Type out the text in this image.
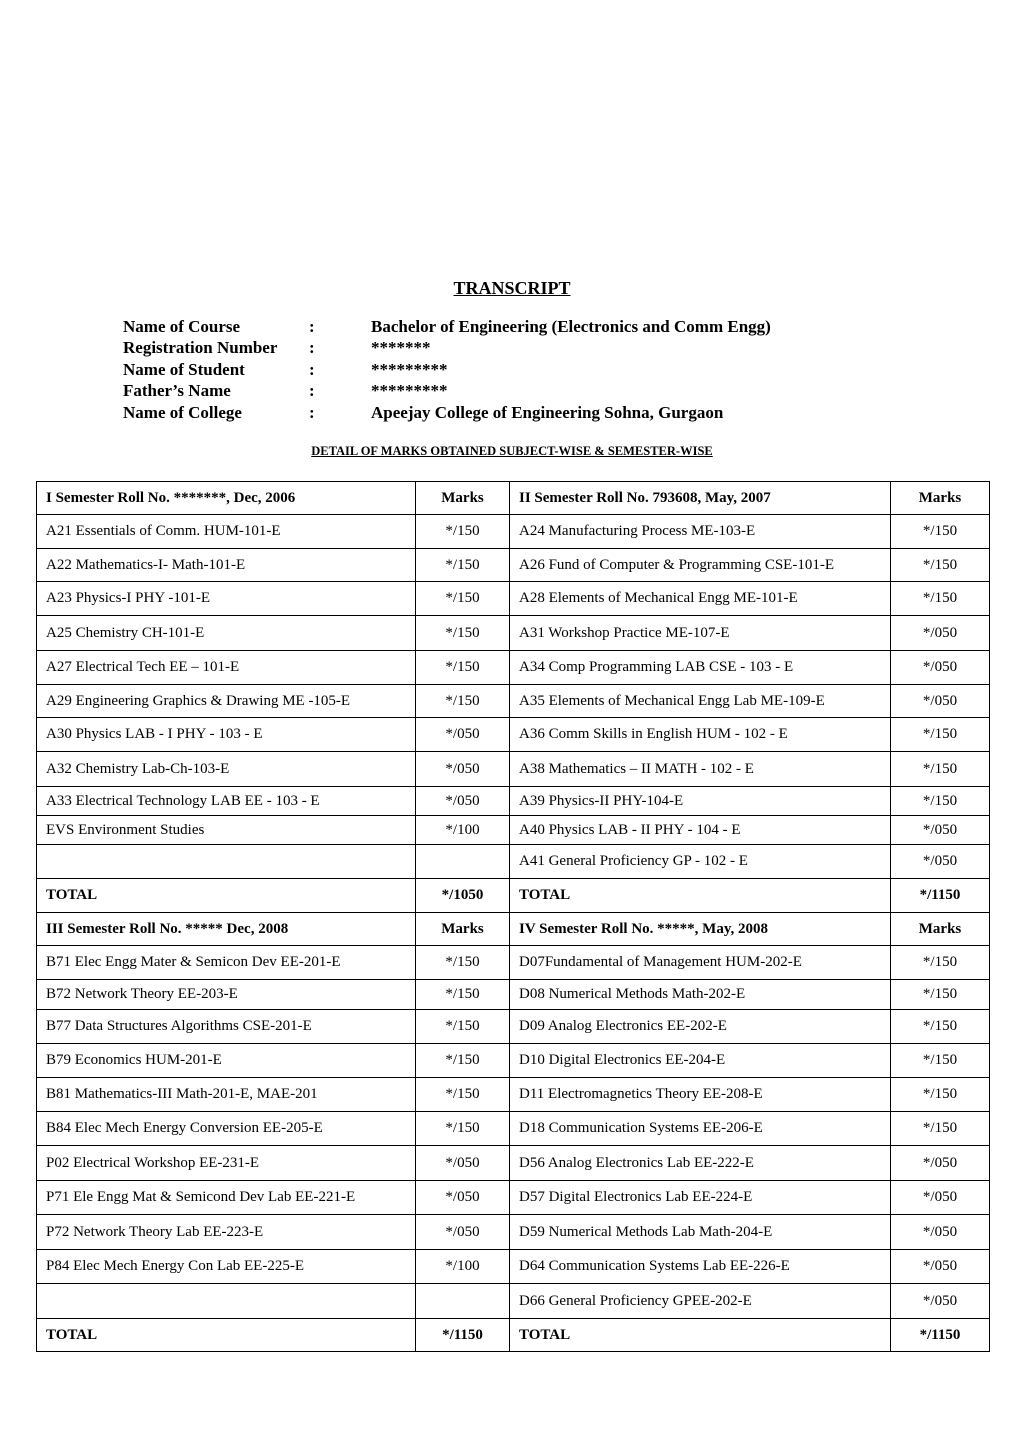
TRANSCRIPT
Name of Course	:	Bachelor of Engineering (Electronics and Comm Engg)
Registration Number	:	*******
Name of Student	:	*********
Father’s Name	:	*********
Name of College	:	Apeejay College of Engineering Sohna, Gurgaon
DETAIL OF MARKS OBTAINED SUBJECT-WISE & SEMESTER-WISE
I Semester Roll No. *******, Dec, 2006	Marks	II Semester Roll No. 793608, May, 2007	Marks
A21 Essentials of Comm. HUM-101-E	*/150	A24 Manufacturing Process ME-103-E	*/150
A22 Mathematics-I- Math-101-E	*/150	A26 Fund of Computer & Programming CSE-101-E	*/150
A23 Physics-I PHY -101-E	*/150	A28 Elements of Mechanical Engg ME-101-E	*/150
A25 Chemistry CH-101-E	*/150	A31 Workshop Practice ME-107-E	*/050
A27 Electrical Tech EE – 101-E	*/150	A34 Comp Programming LAB CSE - 103 - E	*/050
A29 Engineering Graphics & Drawing ME -105-E	*/150	A35 Elements of Mechanical Engg Lab ME-109-E	*/050
A30 Physics LAB - I PHY - 103 - E	*/050	A36 Comm Skills in English HUM - 102 - E	*/150
A32 Chemistry Lab-Ch-103-E	*/050	A38 Mathematics – II MATH - 102 - E	*/150
A33 Electrical Technology LAB EE - 103 - E	*/050	A39 Physics-II PHY-104-E	*/150
EVS Environment Studies	*/100	A40 Physics LAB - II PHY - 104 - E	*/050
		A41 General Proficiency GP - 102 - E	*/050
TOTAL	*/1050	TOTAL	*/1150
III Semester Roll No. ***** Dec, 2008	Marks	IV Semester Roll No. *****, May, 2008	Marks
B71 Elec Engg Mater & Semicon Dev EE-201-E	*/150	D07Fundamental of Management HUM-202-E	*/150
B72 Network Theory EE-203-E	*/150	D08 Numerical Methods Math-202-E	*/150
B77 Data Structures Algorithms CSE-201-E	*/150	D09 Analog Electronics EE-202-E	*/150
B79 Economics HUM-201-E	*/150	D10 Digital Electronics EE-204-E	*/150
B81 Mathematics-III Math-201-E, MAE-201	*/150	D11 Electromagnetics Theory EE-208-E	*/150
B84 Elec Mech Energy Conversion EE-205-E	*/150	D18 Communication Systems EE-206-E	*/150
P02 Electrical Workshop EE-231-E	*/050	D56 Analog Electronics Lab EE-222-E	*/050
P71 Ele Engg Mat & Semicond Dev Lab EE-221-E	*/050	D57 Digital Electronics Lab EE-224-E	*/050
P72 Network Theory Lab EE-223-E	*/050	D59 Numerical Methods Lab Math-204-E	*/050
P84 Elec Mech Energy Con Lab EE-225-E	*/100	D64 Communication Systems Lab EE-226-E	*/050
		D66 General Proficiency GPEE-202-E	*/050
TOTAL	*/1150	TOTAL	*/1150
